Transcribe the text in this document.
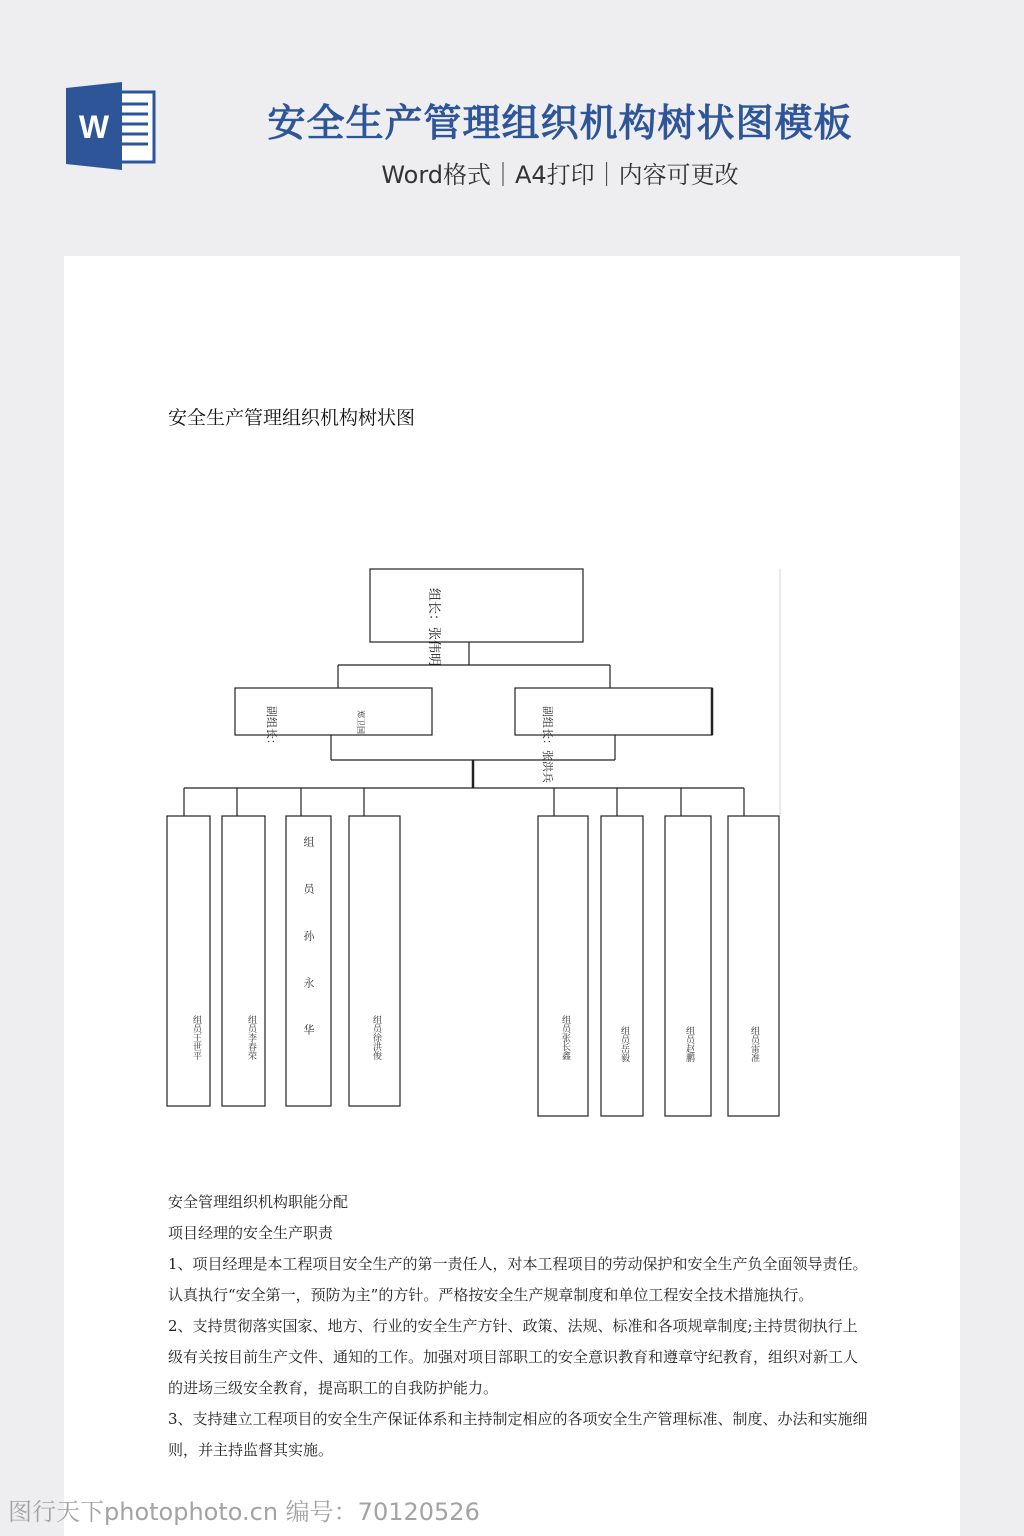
W	安全生产管理组织机构树状图模板
Word格式｜A4打印｜内容可更改
安全生产管理组织机构树状图
组长：张伟明
副组长：	郑卫国	副组长：张洪兵
组员王世平	组员李春荣	组员孙永华	组员徐洪俊	组员张长鑫	组员岳毅	组员赵鹏	组员雷准

安全管理组织机构职能分配

项目经理的安全生产职责

1、项目经理是本工程项目安全生产的第一责任人，对本工程项目的劳动保护和安全生产负全面领导责任。认真执行“安全第一，预防为主”的方针。严格按安全生产规章制度和单位工程安全技术措施执行。

2、支持贯彻落实国家、地方、行业的安全生产方针、政策、法规、标准和各项规章制度;主持贯彻执行上级有关按目前生产文件、通知的工作。加强对项目部职工的安全意识教育和遵章守纪教育，组织对新工人的进场三级安全教育，提高职工的自我防护能力。

3、支持建立工程项目的安全生产保证体系和主持制定相应的各项安全生产管理标准、制度、办法和实施细则，并主持监督其实施。

图行天下photophoto.cn 编号：70120526
